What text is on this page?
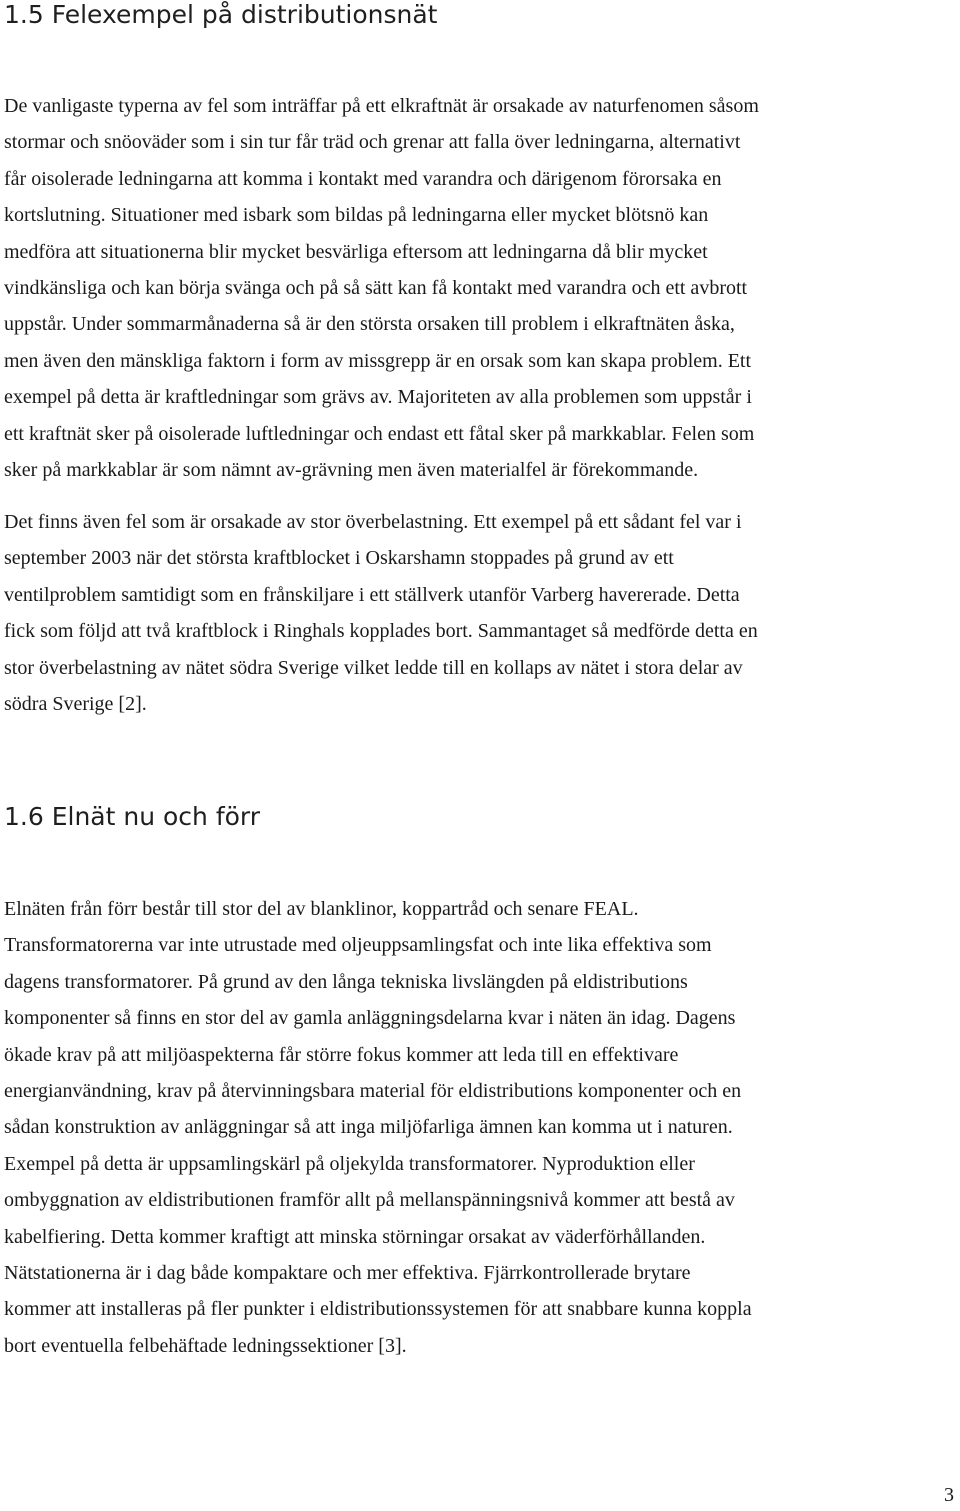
1.5 Felexempel på distributionsnät
De vanligaste typerna av fel som inträffar på ett elkraftnät är orsakade av naturfenomen såsom
stormar och snöoväder som i sin tur får träd och grenar att falla över ledningarna, alternativt
får oisolerade ledningarna att komma i kontakt med varandra och därigenom förorsaka en
kortslutning. Situationer med isbark som bildas på ledningarna eller mycket blötsnö kan
medföra att situationerna blir mycket besvärliga eftersom att ledningarna då blir mycket
vindkänsliga och kan börja svänga och på så sätt kan få kontakt med varandra och ett avbrott
uppstår. Under sommarmånaderna så är den största orsaken till problem i elkraftnäten åska,
men även den mänskliga faktorn i form av missgrepp är en orsak som kan skapa problem. Ett
exempel på detta är kraftledningar som grävs av. Majoriteten av alla problemen som uppstår i
ett kraftnät sker på oisolerade luftledningar och endast ett fåtal sker på markkablar. Felen som
sker på markkablar är som nämnt av-grävning men även materialfel är förekommande.
Det finns även fel som är orsakade av stor överbelastning. Ett exempel på ett sådant fel var i
september 2003 när det största kraftblocket i Oskarshamn stoppades på grund av ett
ventilproblem samtidigt som en frånskiljare i ett ställverk utanför Varberg havererade. Detta
fick som följd att två kraftblock i Ringhals kopplades bort. Sammantaget så medförde detta en
stor överbelastning av nätet södra Sverige vilket ledde till en kollaps av nätet i stora delar av
södra Sverige [2].
1.6 Elnät nu och förr
Elnäten från förr består till stor del av blanklinor, koppartråd och senare FEAL.
Transformatorerna var inte utrustade med oljeuppsamlingsfat och inte lika effektiva som
dagens transformatorer. På grund av den långa tekniska livslängden på eldistributions
komponenter så finns en stor del av gamla anläggningsdelarna kvar i näten än idag. Dagens
ökade krav på att miljöaspekterna får större fokus kommer att leda till en effektivare
energianvändning, krav på återvinningsbara material för eldistributions komponenter och en
sådan konstruktion av anläggningar så att inga miljöfarliga ämnen kan komma ut i naturen.
Exempel på detta är uppsamlingskärl på oljekylda transformatorer. Nyproduktion eller
ombyggnation av eldistributionen framför allt på mellanspänningsnivå kommer att bestå av
kabelfiering. Detta kommer kraftigt att minska störningar orsakat av väderförhållanden.
Nätstationerna är i dag både kompaktare och mer effektiva. Fjärrkontrollerade brytare
kommer att installeras på fler punkter i eldistributionssystemen för att snabbare kunna koppla
bort eventuella felbehäftade ledningssektioner [3].
3
